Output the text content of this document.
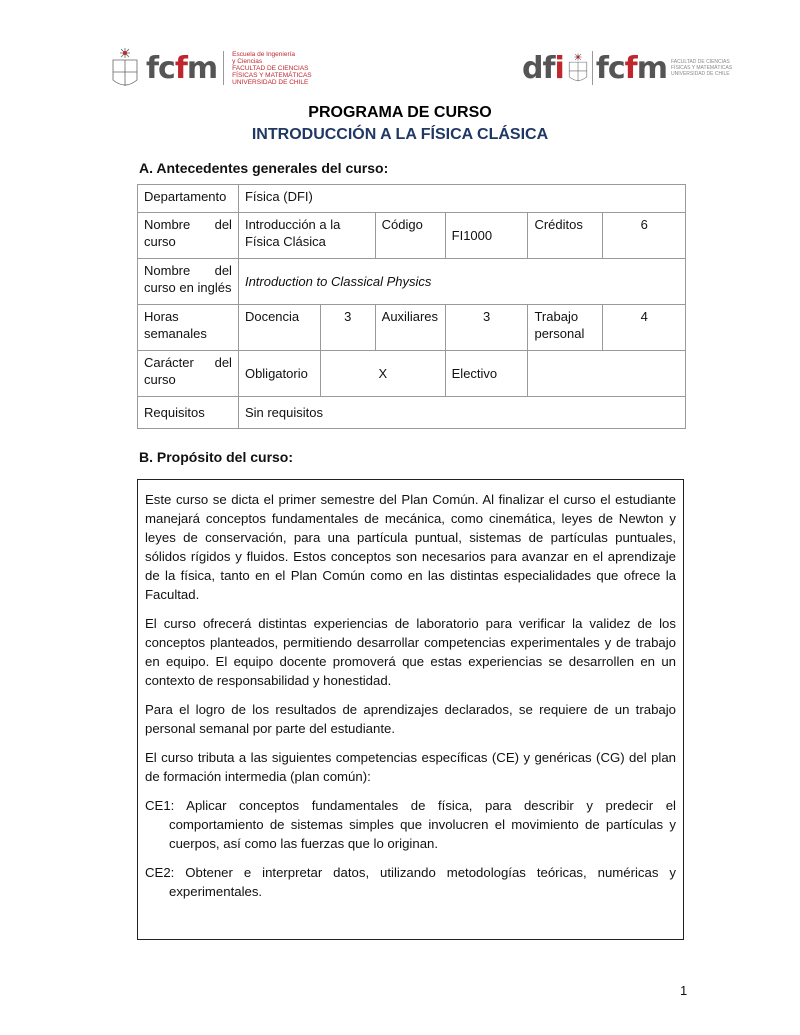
fcfm Escuela de Ingeniería
y Ciencias
FACULTAD DE CIENCIAS
FÍSICAS Y MATEMÁTICAS
UNIVERSIDAD DE CHILE	dfi fcfm FACULTAD DE CIENCIAS
FÍSICAS Y MATEMÁTICAS
UNIVERSIDAD DE CHILE
PROGRAMA DE CURSO
INTRODUCCIÓN A LA FÍSICA CLÁSICA
A. Antecedentes generales del curso:
Departamento	Física (DFI)					

Nombre del
curso	Introducción a la Física Clásica		Código	FI1000	Créditos	6

Nombre del
curso en inglés	Introduction to Classical Physics					
Horas semanales	Docencia	3	Auxiliares	3	Trabajo personal	4

Carácter del
curso	Obligatorio	X		Electivo		
Requisitos	Sin requisitos					
B. Propósito del curso:

Este curso se dicta el primer semestre del Plan Común. Al finalizar el curso el estudiante manejará conceptos fundamentales de mecánica, como cinemática, leyes de Newton y leyes de conservación, para una partícula puntual, sistemas de partículas puntuales, sólidos rígidos y fluidos. Estos conceptos son necesarios para avanzar en el aprendizaje de la física, tanto en el Plan Común como en las distintas especialidades que ofrece la Facultad.

El curso ofrecerá distintas experiencias de laboratorio para verificar la validez de los conceptos planteados, permitiendo desarrollar competencias experimentales y de trabajo en equipo. El equipo docente promoverá que estas experiencias se desarrollen en un contexto de responsabilidad y honestidad.

Para el logro de los resultados de aprendizajes declarados, se requiere de un trabajo personal semanal por parte del estudiante.

El curso tributa a las siguientes competencias específicas (CE) y genéricas (CG) del plan de formación intermedia (plan común):

CE1: Aplicar conceptos fundamentales de física, para describir y predecir el comportamiento de sistemas simples que involucren el movimiento de partículas y cuerpos, así como las fuerzas que lo originan.

CE2: Obtener e interpretar datos, utilizando metodologías teóricas, numéricas y experimentales.

1
